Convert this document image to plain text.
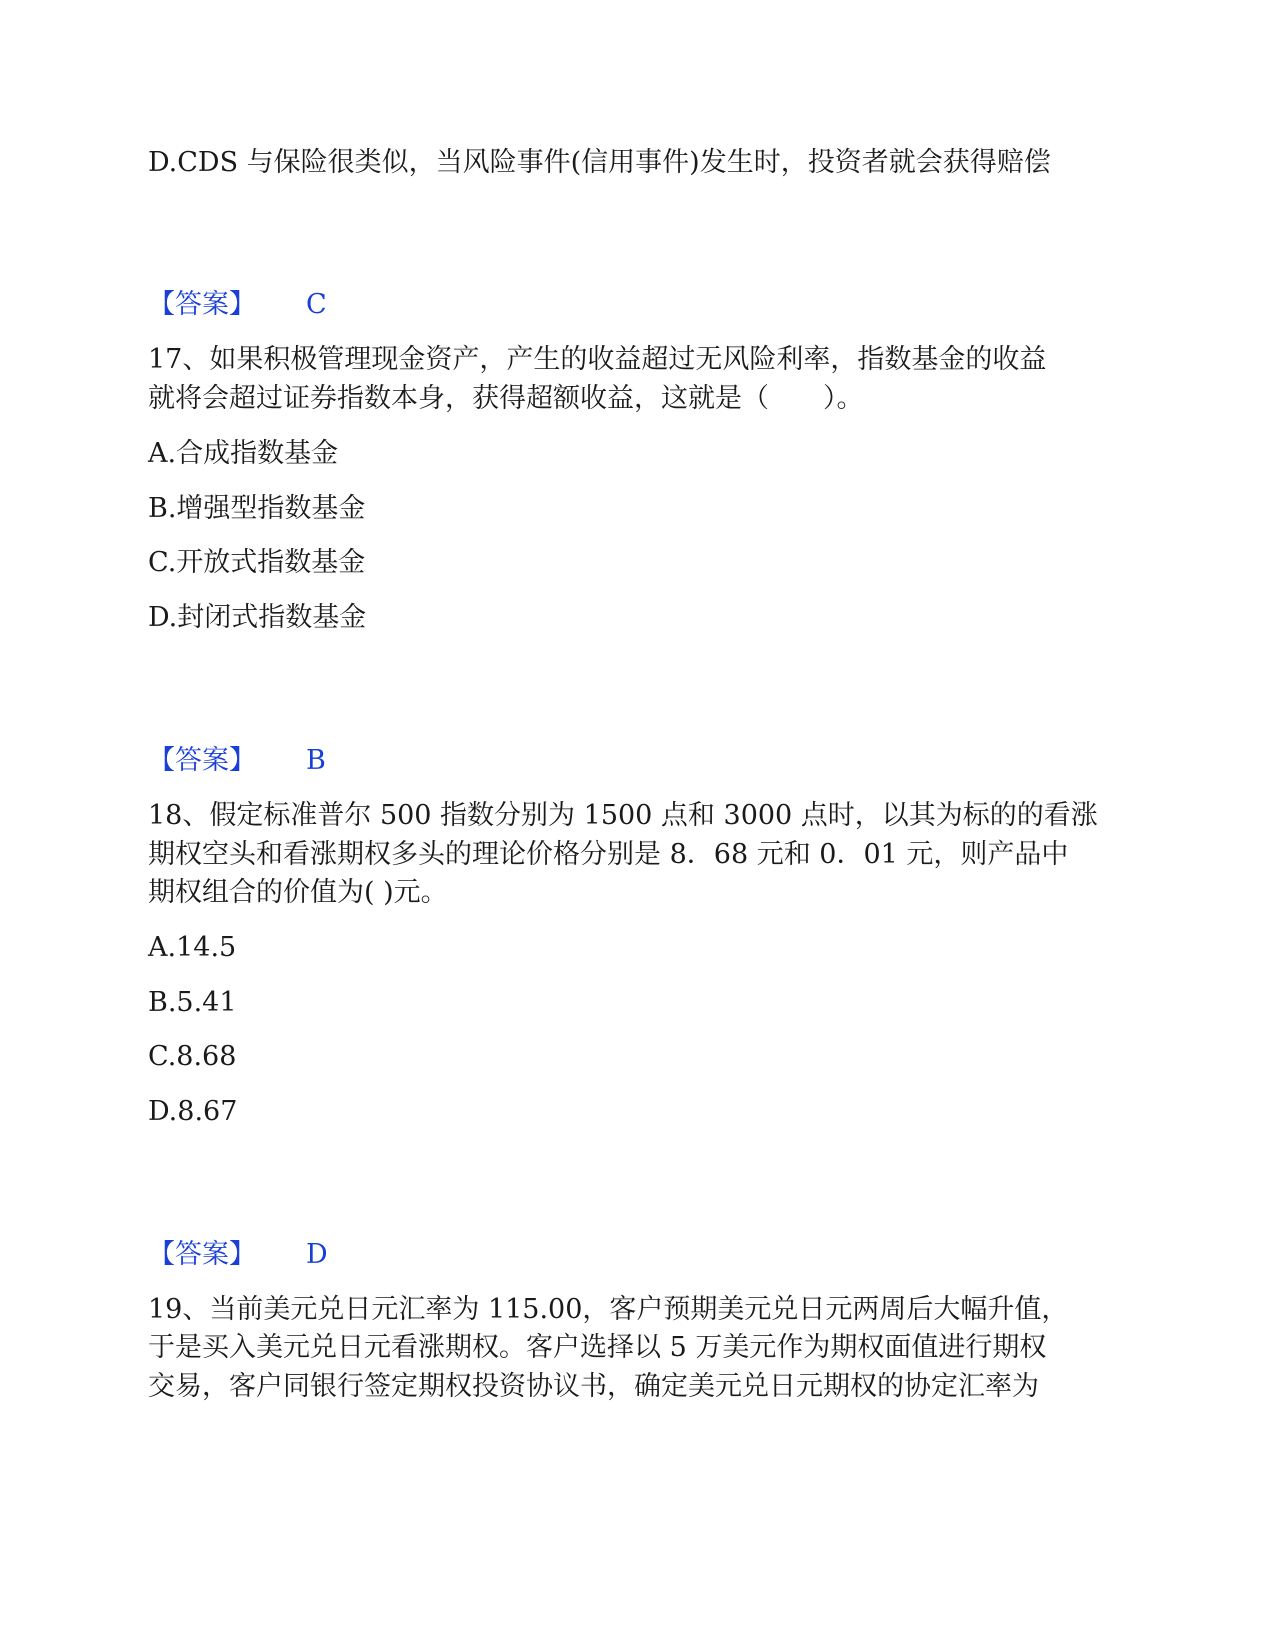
D.CDS 与保险很类似，当风险事件(信用事件)发生时，投资者就会获得赔偿
【答案】 C
17、如果积极管理现金资产，产生的收益超过无风险利率，指数基金的收益
就将会超过证券指数本身，获得超额收益，这就是（　　）。
A.合成指数基金
B.增强型指数基金
C.开放式指数基金
D.封闭式指数基金
【答案】 B
18、假定标准普尔 500 指数分别为 1500 点和 3000 点时，以其为标的的看涨
期权空头和看涨期权多头的理论价格分别是 8．68 元和 0．01 元，则产品中
期权组合的价值为( )元。
A.14.5
B.5.41
C.8.68
D.8.67
【答案】 D
19、当前美元兑日元汇率为 115.00，客户预期美元兑日元两周后大幅升值，
于是买入美元兑日元看涨期权。客户选择以 5 万美元作为期权面值进行期权
交易，客户同银行签定期权投资协议书，确定美元兑日元期权的协定汇率为
